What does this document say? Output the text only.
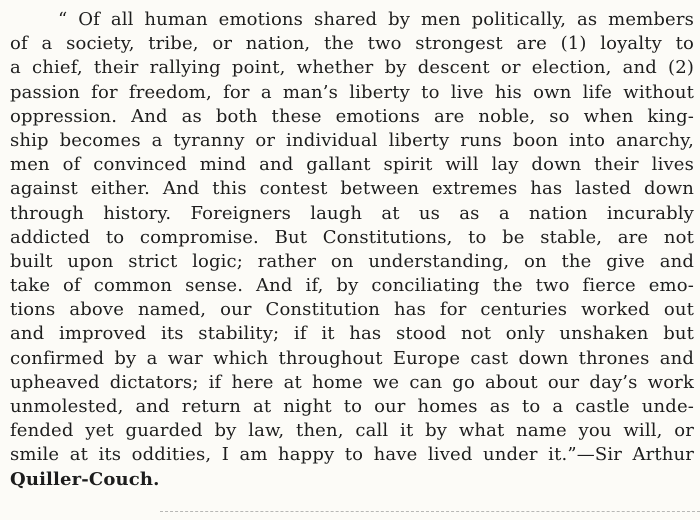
“ Of all human emotions shared by men politically, as members
of a society, tribe, or nation, the two strongest are (1) loyalty to
a chief, their rallying point, whether by descent or election, and (2)
passion for freedom, for a man’s liberty to live his own life without
oppression. And as both these emotions are noble, so when king-
ship becomes a tyranny or individual liberty runs boon into anarchy,
men of convinced mind and gallant spirit will lay down their lives
against either. And this contest between extremes has lasted down
through history. Foreigners laugh at us as a nation incurably
addicted to compromise. But Constitutions, to be stable, are not
built upon strict logic; rather on understanding, on the give and
take of common sense. And if, by conciliating the two fierce emo-
tions above named, our Constitution has for centuries worked out
and improved its stability; if it has stood not only unshaken but
confirmed by a war which throughout Europe cast down thrones and
upheaved dictators; if here at home we can go about our day’s work
unmolested, and return at night to our homes as to a castle unde-
fended yet guarded by law, then, call it by what name you will, or
smile at its oddities, I am happy to have lived under it.”—Sir Arthur
Quiller-Couch.
